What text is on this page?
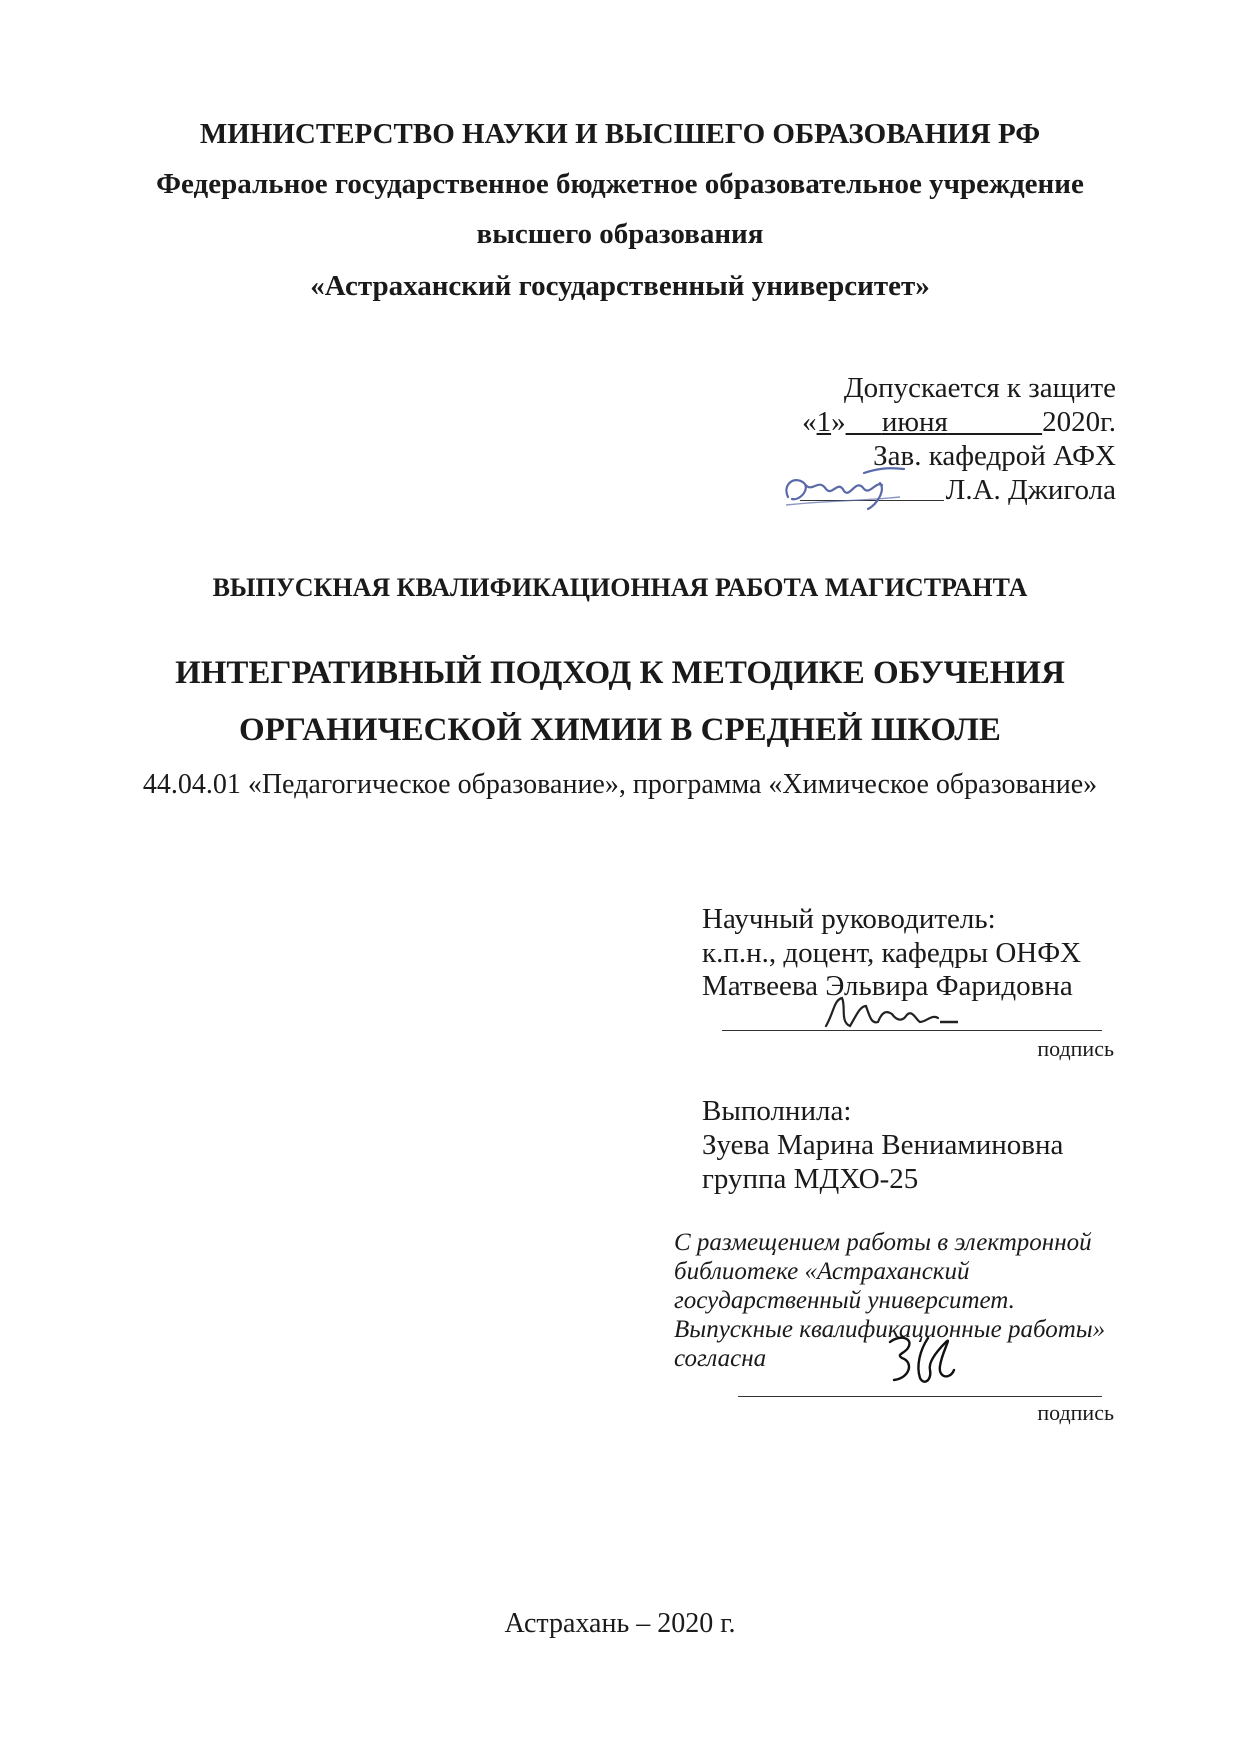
МИНИСТЕРСТВО НАУКИ И ВЫСШЕГО ОБРАЗОВАНИЯ РФ
Федеральное государственное бюджетное образовательное учреждение
высшего образования
«Астраханский государственный университет»
Допускается к защите
«1» июня	2020г.
Зав. кафедрой АФХ
Л.А. Джигола
ВЫПУСКНАЯ КВАЛИФИКАЦИОННАЯ РАБОТА МАГИСТРАНТА
ИНТЕГРАТИВНЫЙ ПОДХОД К МЕТОДИКЕ ОБУЧЕНИЯ
ОРГАНИЧЕСКОЙ ХИМИИ В СРЕДНЕЙ ШКОЛЕ
44.04.01 «Педагогическое образование», программа «Химическое образование»
Научный руководитель:
к.п.н., доцент, кафедры ОНФХ
Матвеева Эльвира Фаридовна
подпись
Выполнила:
Зуева Марина Вениаминовна
группа МДХО-25
С размещением работы в электронной
библиотеке «Астраханский
государственный университет.
Выпускные квалификационные работы»
согласна
подпись
Астрахань – 2020 г.
